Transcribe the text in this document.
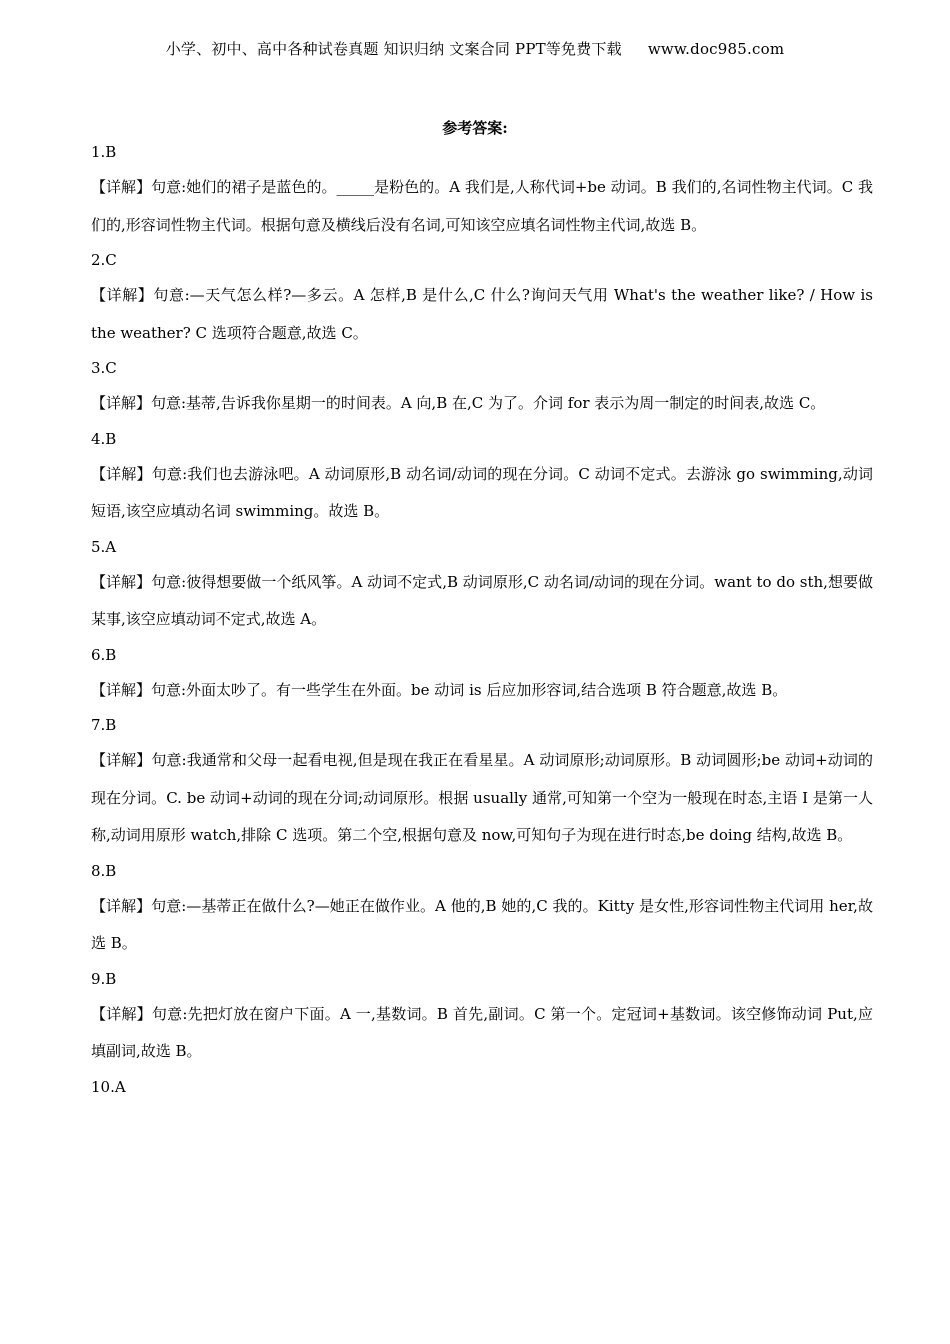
小学、初中、高中各种试卷真题 知识归纳 文案合同 PPT等免费下载 www.doc985.com
参考答案:
1.B
【详解】句意:她们的裙子是蓝色的。_____是粉色的。A 我们是,人称代词+be 动词。B 我们的,名词性物主代词。C 我们的,形容词性物主代词。根据句意及横线后没有名词,可知该空应填名词性物主代词,故选 B。
2.C
【详解】句意:—天气怎么样?—多云。A 怎样,B 是什么,C 什么?询问天气用 What's the weather like? / How is the weather? C 选项符合题意,故选 C。
3.C
【详解】句意:基蒂,告诉我你星期一的时间表。A 向,B 在,C 为了。介词 for 表示为周一制定的时间表,故选 C。
4.B
【详解】句意:我们也去游泳吧。A 动词原形,B 动名词/动词的现在分词。C 动词不定式。去游泳 go swimming,动词短语,该空应填动名词 swimming。故选 B。
5.A
【详解】句意:彼得想要做一个纸风筝。A 动词不定式,B 动词原形,C 动名词/动词的现在分词。want to do sth,想要做某事,该空应填动词不定式,故选 A。
6.B
【详解】句意:外面太吵了。有一些学生在外面。be 动词 is 后应加形容词,结合选项 B 符合题意,故选 B。
7.B
【详解】句意:我通常和父母一起看电视,但是现在我正在看星星。A 动词原形;动词原形。B 动词圆形;be 动词+动词的现在分词。C. be 动词+动词的现在分词;动词原形。根据 usually 通常,可知第一个空为一般现在时态,主语 I 是第一人称,动词用原形 watch,排除 C 选项。第二个空,根据句意及 now,可知句子为现在进行时态,be doing 结构,故选 B。
8.B
【详解】句意:—基蒂正在做什么?—她正在做作业。A 他的,B 她的,C 我的。Kitty 是女性,形容词性物主代词用 her,故选 B。
9.B
【详解】句意:先把灯放在窗户下面。A 一,基数词。B 首先,副词。C 第一个。定冠词+基数词。该空修饰动词 Put,应填副词,故选 B。
10.A
